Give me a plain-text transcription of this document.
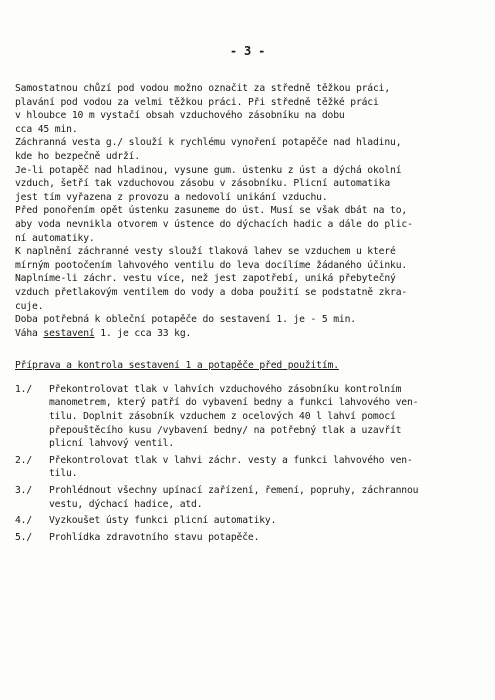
- 3 -
Samostatnou chůzí pod vodou možno označit za středně těžkou práci,
plavání pod vodou za velmi těžkou práci. Při středně těžké práci
v hloubce 10 m vystačí obsah vzduchového zásobníku na dobu
cca 45 min.
Záchranná vesta g./ slouží k rychlému vynoření potapěče nad hladinu,
kde ho bezpečně udrží.
Je-li potapěč nad hladinou, vysune gum. ústenku z úst a dýchá okolní
vzduch, šetří tak vzduchovou zásobu v zásobníku. Plicní automatika
jest tím vyřazena z provozu a nedovolí unikání vzduchu.
Před ponořením opět ústenku zasuneme do úst. Musí se však dbát na to,
aby voda nevnikla otvorem v ústence do dýchacích hadic a dále do plic-
ní automatiky.
K naplnění záchranné vesty slouží tlaková lahev se vzduchem u které
mírným pootočením lahvového ventilu do leva docílíme žádaného účinku.
Naplníme-li záchr. vestu více, než jest zapotřebí, uniká přebytečný
vzduch přetlakovým ventilem do vody a doba použití se podstatně zkra-
cuje.
Doba potřebná k obleční potapěče do sestavení 1. je - 5 min.
Váha sestavení 1. je cca 33 kg.
Příprava a kontrola sestavení 1 a potapěče před použitím.
1./ Překontrolovat tlak v lahvích vzduchového zásobníku kontrolním
manometrem, který patří do vybavení bedny a funkci lahvového ven-
tilu. Doplnit zásobník vzduchem z ocelových 40 l lahví pomocí
přepouštěcího kusu /vybavení bedny/ na potřebný tlak a uzavřít
plicní lahvový ventil.
2./ Překontrolovat tlak v lahvi záchr. vesty a funkci lahvového ven-
tilu.
3./ Prohlédnout všechny upínací zařízení, řemení, popruhy, záchrannou
vestu, dýchací hadice, atd.
4./ Vyzkoušet ústy funkci plicní automatiky.
5./ Prohlídka zdravotního stavu potapěče.
